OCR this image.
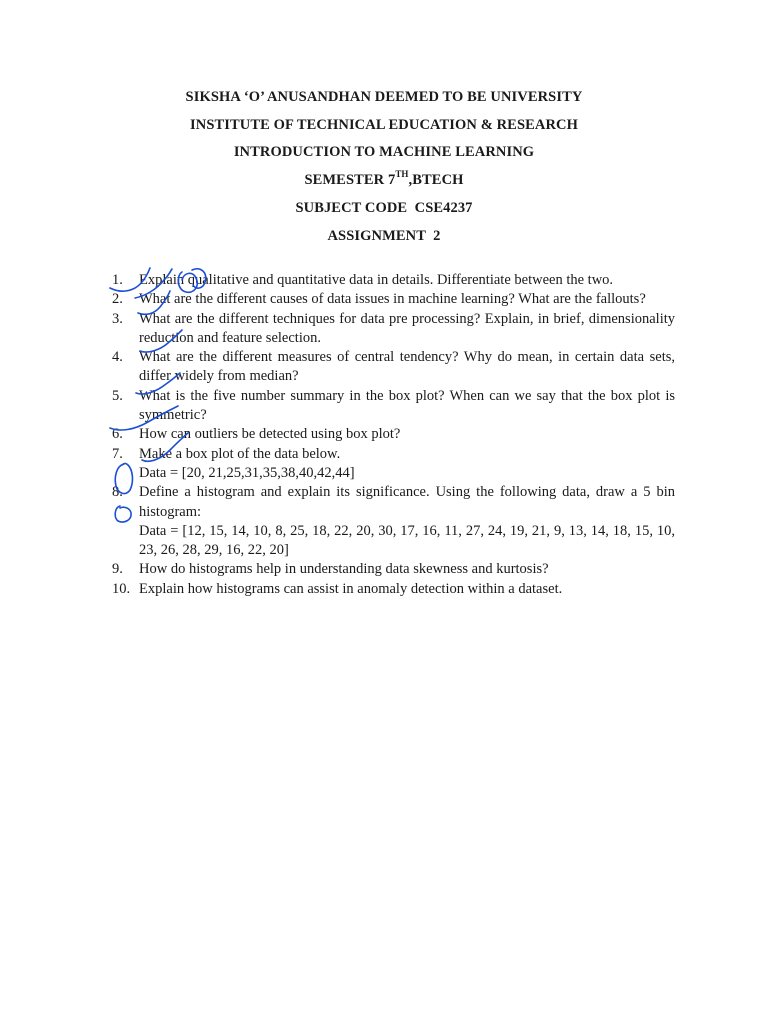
SIKSHA ‘O’ ANUSANDHAN DEEMED TO BE UNIVERSITY
INSTITUTE OF TECHNICAL EDUCATION & RESEARCH
INTRODUCTION TO MACHINE LEARNING
SEMESTER 7TH,BTECH
SUBJECT CODE  CSE4237
ASSIGNMENT  2
1.	Explain qualitative and quantitative data in details. Differentiate between the two.
2.	What are the different causes of data issues in machine learning? What are the fallouts?
3.	What are the different techniques for data pre processing? Explain, in brief, dimensionality reduction and feature selection.
4.	What are the different measures of central tendency? Why do mean, in certain data sets, differ widely from median?
5.	What is the five number summary in the box plot? When can we say that the box plot is symmetric?
6.	How can outliers be detected using box plot?
7.	Make a box plot of the data below.
Data = [20, 21,25,31,35,38,40,42,44]
8.	Define a histogram and explain its significance. Using the following data, draw a 5 bin histogram:
Data = [12, 15, 14, 10, 8, 25, 18, 22, 20, 30, 17, 16, 11, 27, 24, 19, 21, 9, 13, 14, 18, 15, 10, 23, 26, 28, 29, 16, 22, 20]
9.	How do histograms help in understanding data skewness and kurtosis?
10. Explain how histograms can assist in anomaly detection within a dataset.
